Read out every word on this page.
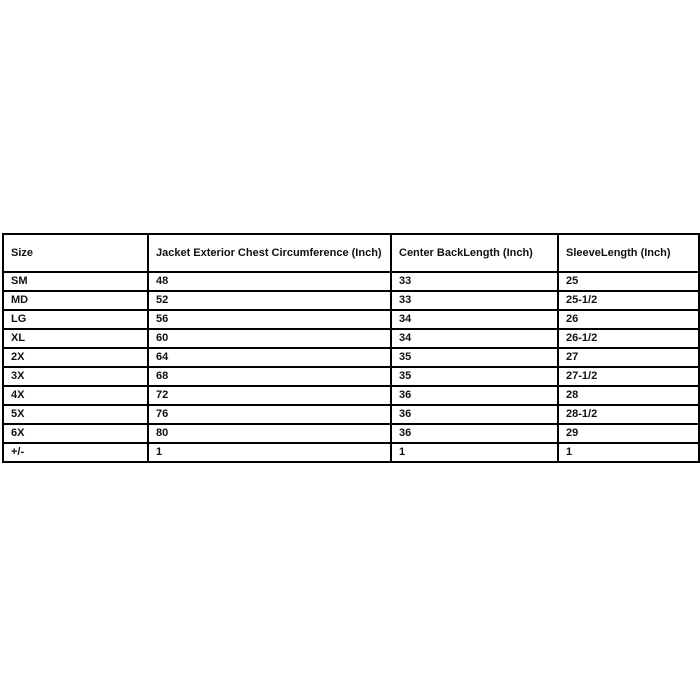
Size	Jacket Exterior Chest Circumference (Inch)	Center BackLength (Inch)	SleeveLength (Inch)
SM	48	33	25
MD	52	33	25-1/2
LG	56	34	26
XL	60	34	26-1/2
2X	64	35	27
3X	68	35	27-1/2
4X	72	36	28
5X	76	36	28-1/2
6X	80	36	29
+/-	1	1	1
